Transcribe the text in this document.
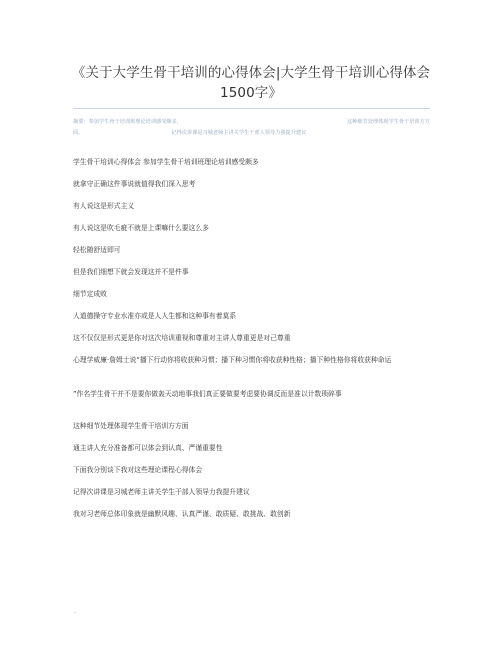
《关于大学生骨干培训的心得体会|大学生骨干培训心得体会1500字》
摘要：参加学生骨干培训班理论培训感受颇多，	这种细节处理体现学生骨干培训方方
面。	记得次讲课是习城老师主讲关学生干部人领导力我提升建议
学生骨干培训心得体会 参加学生骨干培训班理论培训感受颇多
就拿守正确这件事说就值得我们深入思考
有人说这是形式主义
有人说这是吹毛疵不就是上课嘛什么要这么多
轻松随舒适即可
但是我们细想下就会发现这并不是件事
细节定成败
人道德操守专业水准亦或是人人生都和这种事有着莫系
这不仅仅是形式更是你对这次培训重视和尊重对主讲人尊重更是对己尊重
心理学威廉·詹姆士说“播下行动你将收获种习惯；播下种习惯你将收获种性格；播下种性格你将收获种命运
”作名学生骨干并不是要你做轰天动地事我们真正要做要考虑要协调反而是准以计数琐碎事
这种细节处理体现学生骨干培训方方面
通主讲人充分准备都可以体会到认真、严谨重要性
下面我分别谈下我对这些理论课程心得体会
记得次讲课是习城老师主讲关学生干部人领导力我提升建议
我对习老师总体印象就是幽默风趣、认真严谨、敢质疑、敢挑战、敢创新
.
